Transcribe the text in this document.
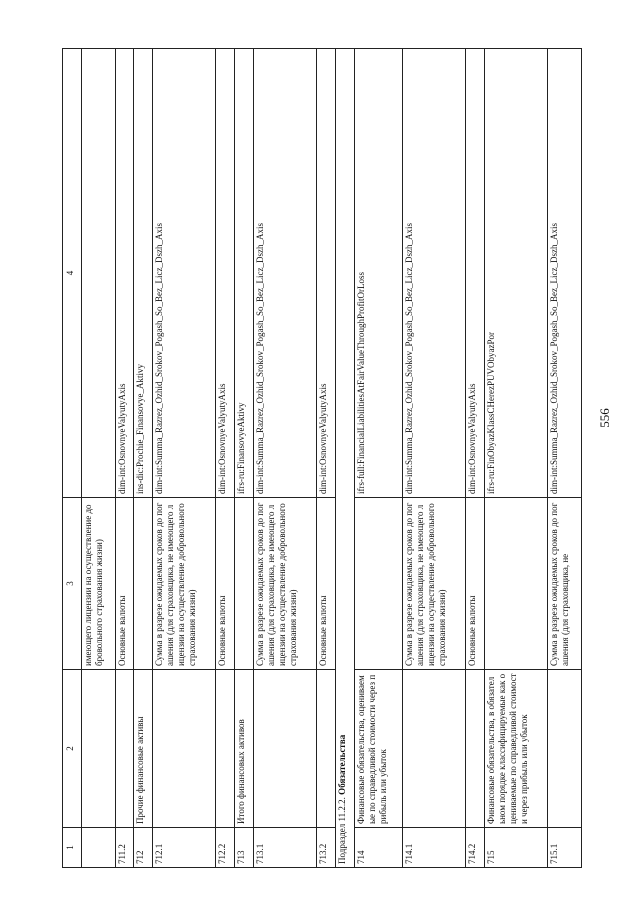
556
1	2	3	4
		имеющего лицензии на осуществление добровольного страхования жизни)	
711.2		Основные валюты	dim-int:OsnovnyeValyutyAxis
712	Прочие финансовые активы		ins-dic:Prochie_Finansovye_Aktivy
712.1		Сумма в разрезе ожидаемых сроков до погашения (для страховщика, не имеющего лицензии на осуществление добровольного страхования жизни)	dim-int:Summa_Razrez_Ozhid_Srokov_Pogash_So_Bez_Licz_Dszh_Axis
712.2		Основные валюты	dim-int:OsnovnyeValyutyAxis
713	Итого финансовых активов		ifrs-ru:FinansovyeAktivy
713.1		Сумма в разрезе ожидаемых сроков до погашения (для страховщика, не имеющего лицензии на осуществление добровольного страхования жизни)	dim-int:Summa_Razrez_Ozhid_Srokov_Pogash_So_Bez_Licz_Dszh_Axis
713.2		Основные валюты	dim-int:OsnovnyeValyutyAxis
Подраздел 11.2.2. Обязательства			
714	Финансовые обязательства, оцениваемые по справедливой стоимости через прибыль или убыток		ifrs-full:FinancialLiabilitiesAtFairValueThroughProfitOrLoss
714.1		Сумма в разрезе ожидаемых сроков до погашения (для страховщика, не имеющего лицензии на осуществление добровольного страхования жизни)	dim-int:Summa_Razrez_Ozhid_Srokov_Pogash_So_Bez_Licz_Dszh_Axis
714.2		Основные валюты	dim-int:OsnovnyeValyutyAxis
715	Финансовые обязательства, в обязательном порядке классифицируемые как оцениваемые по справедливой стоимости через прибыль или убыток		ifrs-ru:FinObyazKlassCHerezPUVObyazPor
715.1		Сумма в разрезе ожидаемых сроков до погашения (для страховщика, не	dim-int:Summa_Razrez_Ozhid_Srokov_Pogash_So_Bez_Licz_Dszh_Axis
